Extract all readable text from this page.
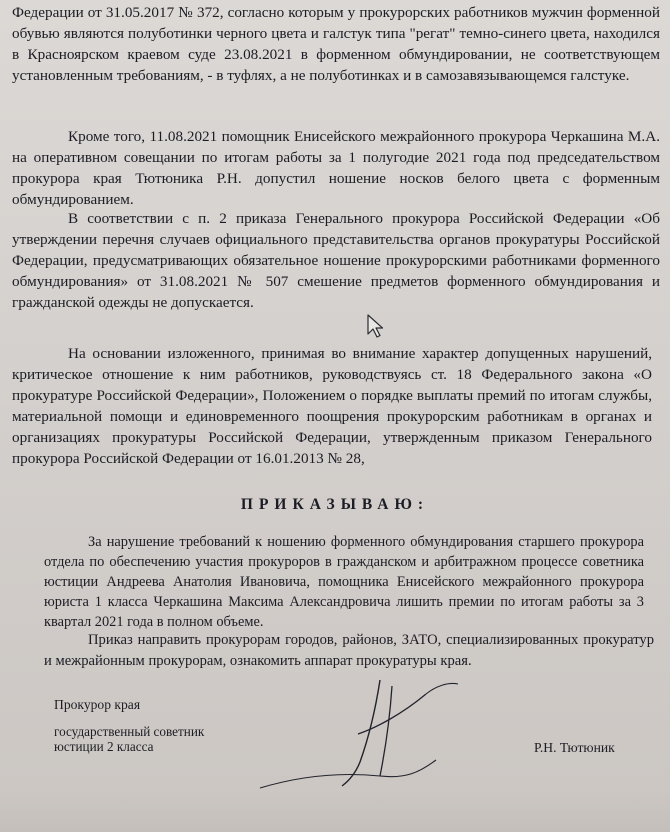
Федерации от 31.05.2017 № 372, согласно которым у прокурорских работников мужчин форменной обувью являются полуботинки черного цвета и галстук типа "регат" темно-синего цвета, находился в Красноярском краевом суде 23.08.2021 в форменном обмундировании, не соответствующем установленным требованиям, - в туфлях, а не полуботинках и в самозавязывающемся галстуке.

Кроме того, 11.08.2021 помощник Енисейского межрайонного прокурора Черкашина М.А. на оперативном совещании по итогам работы за 1 полугодие 2021 года под председательством прокурора края Тютюника Р.Н. допустил ношение носков белого цвета с форменным обмундированием.

В соответствии с п. 2 приказа Генерального прокурора Российской Федерации «Об утверждении перечня случаев официального представительства органов прокуратуры Российской Федерации, предусматривающих обязательное ношение прокурорскими работниками форменного обмундирования» от 31.08.2021 № 507 смешение предметов форменного обмундирования и гражданской одежды не допускается.

На основании изложенного, принимая во внимание характер допущенных нарушений, критическое отношение к ним работников, руководствуясь ст. 18 Федерального закона «О прокуратуре Российской Федерации», Положением о порядке выплаты премий по итогам службы, материальной помощи и единовременного поощрения прокурорским работникам в органах и организациях прокуратуры Российской Федерации, утвержденным приказом Генерального прокурора Российской Федерации от 16.01.2013 № 28,

ПРИКАЗЫВАЮ:

За нарушение требований к ношению форменного обмундирования старшего прокурора отдела по обеспечению участия прокуроров в гражданском и арбитражном процессе советника юстиции Андреева Анатолия Ивановича, помощника Енисейского межрайонного прокурора юриста 1 класса Черкашина Максима Александровича лишить премии по итогам работы за 3 квартал 2021 года в полном объеме.

Приказ направить прокурорам городов, районов, ЗАТО, специализированных прокуратур и межрайонным прокурорам, ознакомить аппарат прокуратуры края.

Прокурор края
государственный советник
юстиции 2 класса	Р.Н. Тютюник
